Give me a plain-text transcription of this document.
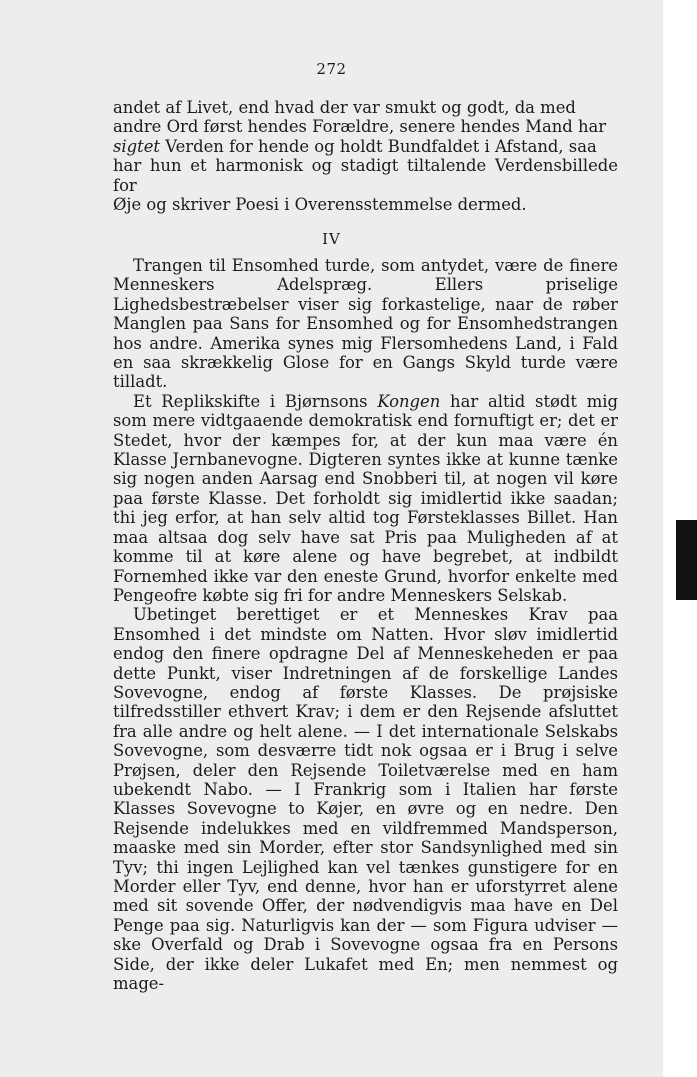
272

andet af Livet, end hvad der var smukt og godt, da med

andre Ord først hendes Forældre, senere hendes Mand har

sigtet Verden for hende og holdt Bundfaldet i Afstand, saa

har hun et harmonisk og stadigt tiltalende Verdensbillede for

Øje og skriver Poesi i Overensstemmelse dermed.

IV

Trangen til Ensomhed turde, som antydet, være de finere Menneskers Adelspræg. Ellers priselige Lighedsbestræbelser viser sig forkastelige, naar de røber Manglen paa Sans for Ensomhed og for Ensomhedstrangen hos andre. Amerika synes mig Flersomhedens Land, i Fald en saa skrækkelig Glose for en Gangs Skyld turde være tilladt.

Et Replikskifte i Bjørnsons Kongen har altid stødt mig som mere vidtgaaende demokratisk end fornuftigt er; det er Stedet, hvor der kæmpes for, at der kun maa være én Klasse Jernbanevogne. Digteren syntes ikke at kunne tænke sig nogen anden Aarsag end Snobberi til, at nogen vil køre paa første Klasse. Det forholdt sig imidlertid ikke saadan; thi jeg erfor, at han selv altid tog Førsteklasses Billet. Han maa altsaa dog selv have sat Pris paa Muligheden af at komme til at køre alene og have begrebet, at indbildt Fornemhed ikke var den eneste Grund, hvorfor enkelte med Pengeofre købte sig fri for andre Menneskers Selskab.

Ubetinget berettiget er et Menneskes Krav paa Ensomhed i det mindste om Natten. Hvor sløv imidlertid endog den finere opdragne Del af Menneskeheden er paa dette Punkt, viser Indretningen af de forskellige Landes Sovevogne, endog af første Klasses. De prøjsiske tilfredsstiller ethvert Krav; i dem er den Rejsende afsluttet fra alle andre og helt alene. — I det internationale Selskabs Sovevogne, som desværre tidt nok ogsaa er i Brug i selve Prøjsen, deler den Rejsende Toiletværelse med en ham ubekendt Nabo. — I Frankrig som i Italien har første Klasses Sovevogne to Køjer, en øvre og en nedre. Den Rejsende indelukkes med en vildfremmed Mandsperson, maaske med sin Morder, efter stor Sandsynlighed med sin Tyv; thi ingen Lejlighed kan vel tænkes gunstigere for en Morder eller Tyv, end denne, hvor han er uforstyrret alene med sit sovende Offer, der nødvendigvis maa have en Del Penge paa sig. Naturligvis kan der — som Figura udviser — ske Overfald og Drab i Sovevogne ogsaa fra en Persons Side, der ikke deler Lukafet med En; men nemmest og mage-
